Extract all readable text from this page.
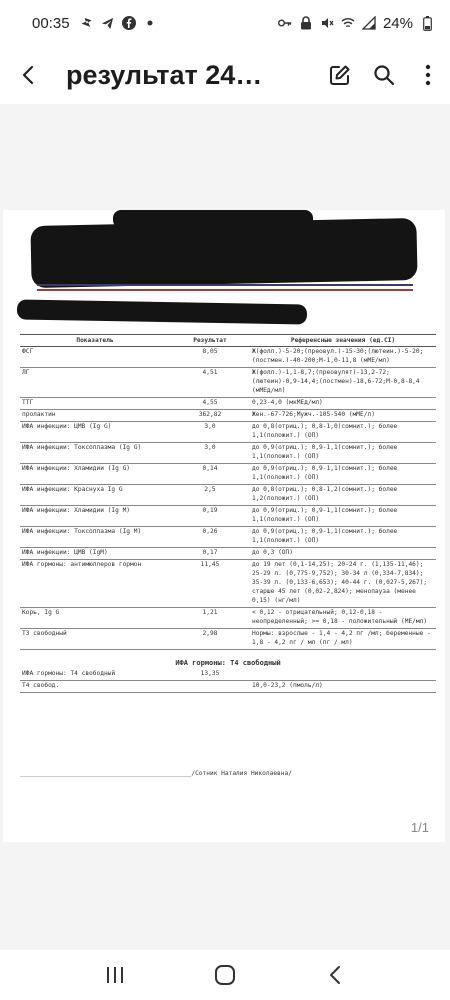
00:35	24%
результат 24…
Показатель	Результат	Референсные значения (ед.CI)
ФСГ	8,05	Ж(фолл.)-5-20;(преовул.)-15-30;(лютеин.)-5-20;(постмен.)-40-200;М-1,0-11,8 (мМЕ/мл)
ЛГ	4,51	Ж(фолл.)-1,1-8,7;(преовулят)-13,2-72;(лютеин)-0,9-14,4;(постмен)-18,6-72;М-0,8-8,4 (мМЕд/мл)
ТТГ	4,55	0,23-4,0 (мкМЕд/мл)
пролактин	362,82	Жен.-67-726;Мужч.-105-540 (мМЕ/л)
ИФА инфекции: ЦМВ (Ig G)	3,0	до 0,8(отриц.); 0,8-1,0(сомнит.); более 1,1(положит.) (ОП)
ИФА инфекции: Токсоплазма (Ig G)	3,0	до 0,9(отриц.); 0,9-1,1(сомнит.); более 1,1(положит.) (ОП)
ИФА инфекции: Хламидии (Ig G)	0,14	до 0,9(отриц.); 0,9-1,1(сомнит.); более 1,1(положит.) (ОП)
ИФА инфекции: Краснуха Ig G	2,5	до 0,8(отриц.); 0,8-1,2(сомнит.); более 1,2(положит.) (ОП)
ИФА инфекции: Хламидии (Ig M)	0,19	до 0,9(отриц.); 0,9-1,1(сомнит.); более 1,1(положит.) (ОП)
ИФА инфекции: Токсоплазма (Ig M)	0,26	до 0,9(отриц.); 0,9-1,1(сомнит.); более 1,1(положит.) (ОП)
ИФА инфекции: ЦМВ (IgM)	0,17	до 0,3 (ОП)
ИФА гормоны: антимюллеров гормон	11,45	до 19 лет (0,1-14,25); 20-24 г. (1,135-11,46); 25-29 л. (0,775-9,752); 30-34 л (0,334-7,834); 35-39 л. (0,133-6,653); 40-44 г. (0,027-5,267); старше 45 лет (0,02-2,824); менопауза (менее 0,15) (нг/мл)
Корь, Ig G	1,21	< 0,12 - отрицательный; 0,12-0,18 - неопределенный; >= 0,18 - положительный (МЕ/мл)
Т3 свободный	2,98	Нормы: взрослые - 1,4 - 4,2 пг /мл; беременные - 1,8 - 4,2 пг / мл (пг / мл)
ИФА гормоны: Т4 свободный		
ИФА гормоны: Т4 свободный	13,35	
Т4 свобод.		10,0-23,2 (пмоль/л)
______________________________________________/Сотник Наталия Николаевна/
1/1
